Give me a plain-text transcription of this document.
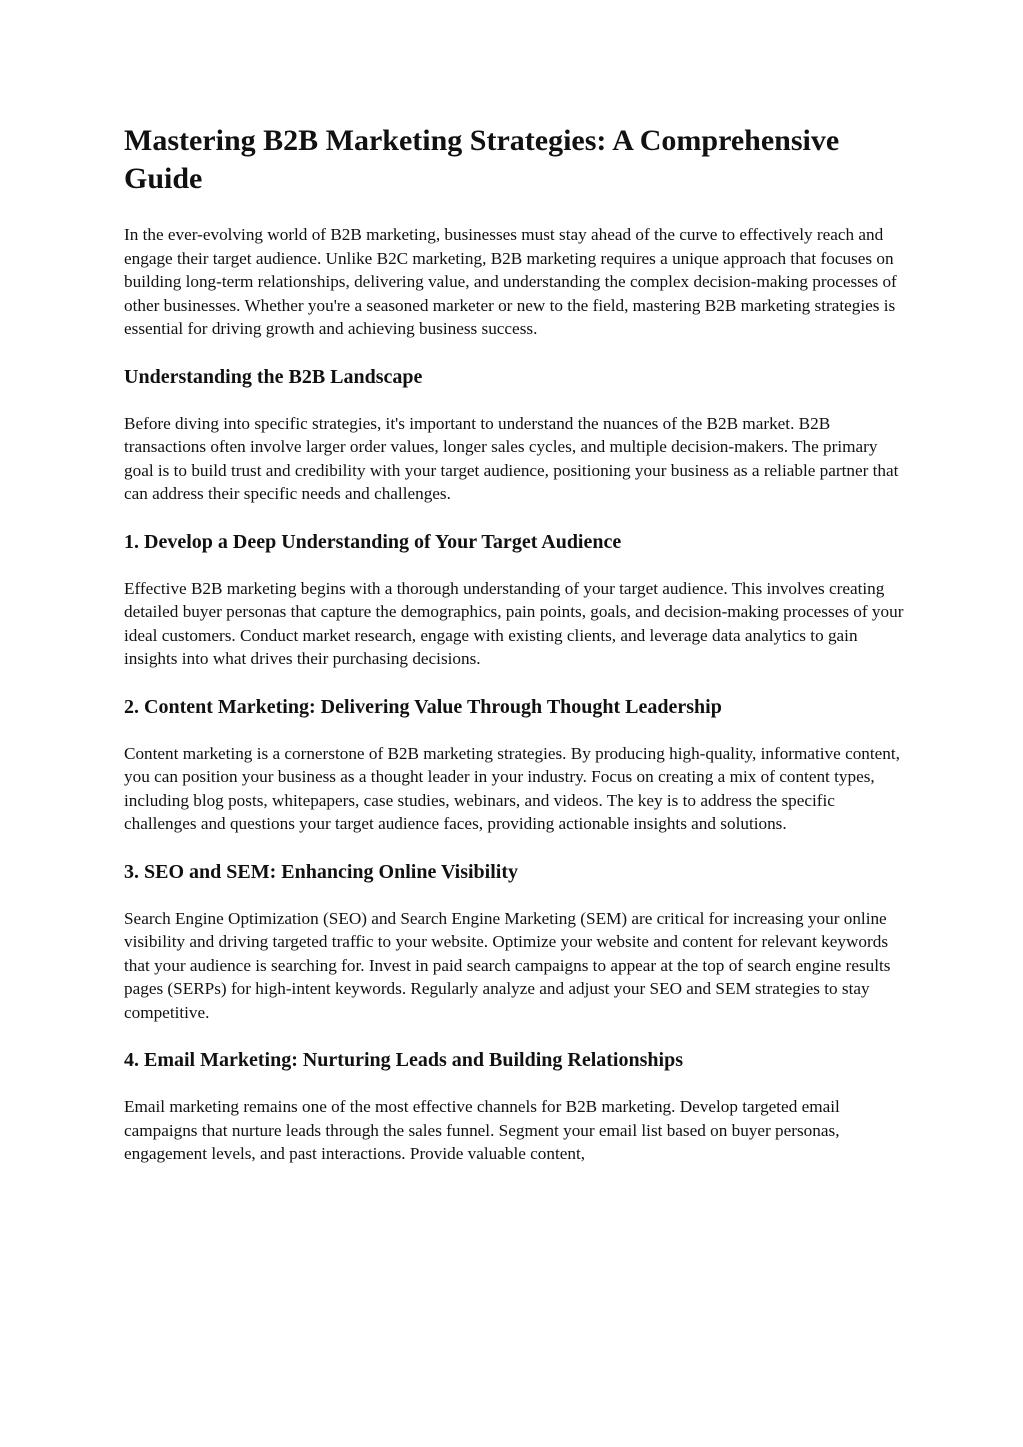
Mastering B2B Marketing Strategies: A Comprehensive Guide

In the ever-evolving world of B2B marketing, businesses must stay ahead of the curve to effectively reach and engage their target audience. Unlike B2C marketing, B2B marketing requires a unique approach that focuses on building long-term relationships, delivering value, and understanding the complex decision-making processes of other businesses. Whether you're a seasoned marketer or new to the field, mastering B2B marketing strategies is essential for driving growth and achieving business success.

Understanding the B2B Landscape

Before diving into specific strategies, it's important to understand the nuances of the B2B market. B2B transactions often involve larger order values, longer sales cycles, and multiple decision-makers. The primary goal is to build trust and credibility with your target audience, positioning your business as a reliable partner that can address their specific needs and challenges.

1. Develop a Deep Understanding of Your Target Audience

Effective B2B marketing begins with a thorough understanding of your target audience. This involves creating detailed buyer personas that capture the demographics, pain points, goals, and decision-making processes of your ideal customers. Conduct market research, engage with existing clients, and leverage data analytics to gain insights into what drives their purchasing decisions.

2. Content Marketing: Delivering Value Through Thought Leadership

Content marketing is a cornerstone of B2B marketing strategies. By producing high-quality, informative content, you can position your business as a thought leader in your industry. Focus on creating a mix of content types, including blog posts, whitepapers, case studies, webinars, and videos. The key is to address the specific challenges and questions your target audience faces, providing actionable insights and solutions.

3. SEO and SEM: Enhancing Online Visibility

Search Engine Optimization (SEO) and Search Engine Marketing (SEM) are critical for increasing your online visibility and driving targeted traffic to your website. Optimize your website and content for relevant keywords that your audience is searching for. Invest in paid search campaigns to appear at the top of search engine results pages (SERPs) for high-intent keywords. Regularly analyze and adjust your SEO and SEM strategies to stay competitive.

4. Email Marketing: Nurturing Leads and Building Relationships

Email marketing remains one of the most effective channels for B2B marketing. Develop targeted email campaigns that nurture leads through the sales funnel. Segment your email list based on buyer personas, engagement levels, and past interactions. Provide valuable content,
